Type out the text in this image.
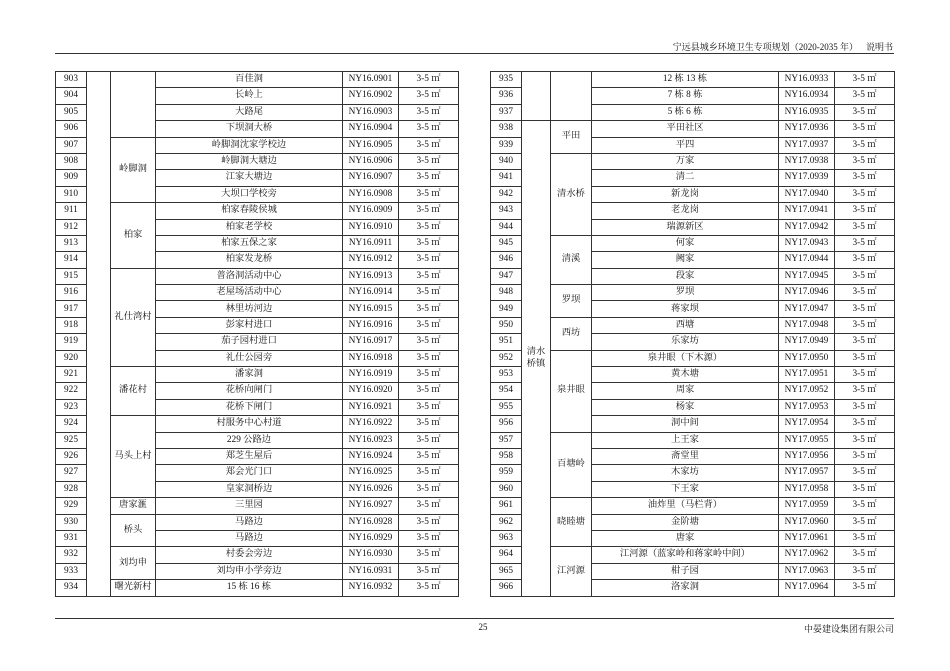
宁远县城乡环境卫生专项规划（2020-2035 年） 说明书
903			百佳洞	NY16.0901	3-5 ㎡
904			长岭上	NY16.0902	3-5 ㎡
905			大路尾	NY16.0903	3-5 ㎡
906			下坝洞大桥	NY16.0904	3-5 ㎡
907		岭脚洞	岭脚洞沈家学校边	NY16.0905	3-5 ㎡
908			岭脚洞大塘边	NY16.0906	3-5 ㎡
909			江家大塘边	NY16.0907	3-5 ㎡
910			大坝口学校旁	NY16.0908	3-5 ㎡
911		柏家	柏家春陵侯城	NY16.0909	3-5 ㎡
912			柏家老学校	NY16.0910	3-5 ㎡
913			柏家五保之家	NY16.0911	3-5 ㎡
914			柏家发龙桥	NY16.0912	3-5 ㎡
915		礼仕湾村	普洛洞活动中心	NY16.0913	3-5 ㎡
916			老屋场活动中心	NY16.0914	3-5 ㎡
917			林里坊河边	NY16.0915	3-5 ㎡
918			彭家村进口	NY16.0916	3-5 ㎡
919			茄子园村进口	NY16.0917	3-5 ㎡
920			礼仕公园旁	NY16.0918	3-5 ㎡
921		潘花村	潘家洞	NY16.0919	3-5 ㎡
922			花桥向闸门	NY16.0920	3-5 ㎡
923			花桥下闸门	NY16.0921	3-5 ㎡
924		马头上村	村服务中心村道	NY16.0922	3-5 ㎡
925			229 公路边	NY16.0923	3-5 ㎡
926			郑芝生屋后	NY16.0924	3-5 ㎡
927			郑会光门口	NY16.0925	3-5 ㎡
928			皇家洞桥边	NY16.0926	3-5 ㎡
929		唐家滙	三里园	NY16.0927	3-5 ㎡
930		桥头	马路边	NY16.0928	3-5 ㎡
931			马路边	NY16.0929	3-5 ㎡
932		刘均申	村委会旁边	NY16.0930	3-5 ㎡
933			刘均申小学旁边	NY16.0931	3-5 ㎡
934		曙光新村	15 栋 16 栋	NY16.0932	3-5 ㎡
935			12 栋 13 栋	NY16.0933	3-5 ㎡
936			7 栋 8 栋	NY16.0934	3-5 ㎡
937			5 栋 6 栋	NY16.0935	3-5 ㎡
938	清水桥镇	平田	平田社区	NY17.0936	3-5 ㎡
939			平四	NY17.0937	3-5 ㎡
940		清水桥	万家	NY17.0938	3-5 ㎡
941			清二	NY17.0939	3-5 ㎡
942			新龙岗	NY17.0940	3-5 ㎡
943			老龙岗	NY17.0941	3-5 ㎡
944			瑞源新区	NY17.0942	3-5 ㎡
945		清溪	何家	NY17.0943	3-5 ㎡
946			阙家	NY17.0944	3-5 ㎡
947			段家	NY17.0945	3-5 ㎡
948		罗坝	罗坝	NY17.0946	3-5 ㎡
949			蒋家坝	NY17.0947	3-5 ㎡
950		西坊	西塘	NY17.0948	3-5 ㎡
951			乐家坊	NY17.0949	3-5 ㎡
952		泉井眼	泉井眼（下木源）	NY17.0950	3-5 ㎡
953			黄木塘	NY17.0951	3-5 ㎡
954			周家	NY17.0952	3-5 ㎡
955			杨家	NY17.0953	3-5 ㎡
956			洞中间	NY17.0954	3-5 ㎡
957		百塘岭	上王家	NY17.0955	3-5 ㎡
958			斋堂里	NY17.0956	3-5 ㎡
959			木家坊	NY17.0957	3-5 ㎡
960			下王家	NY17.0958	3-5 ㎡
961		晓睦塘	油炸里（马栏背）	NY17.0959	3-5 ㎡
962			金阶塘	NY17.0960	3-5 ㎡
963			唐家	NY17.0961	3-5 ㎡
964		江河源	江河源（蓝家岭和蒋家岭中间）	NY17.0962	3-5 ㎡
965			柑子园	NY17.0963	3-5 ㎡
966			洛家洞	NY17.0964	3-5 ㎡
25	中晏建设集团有限公司
